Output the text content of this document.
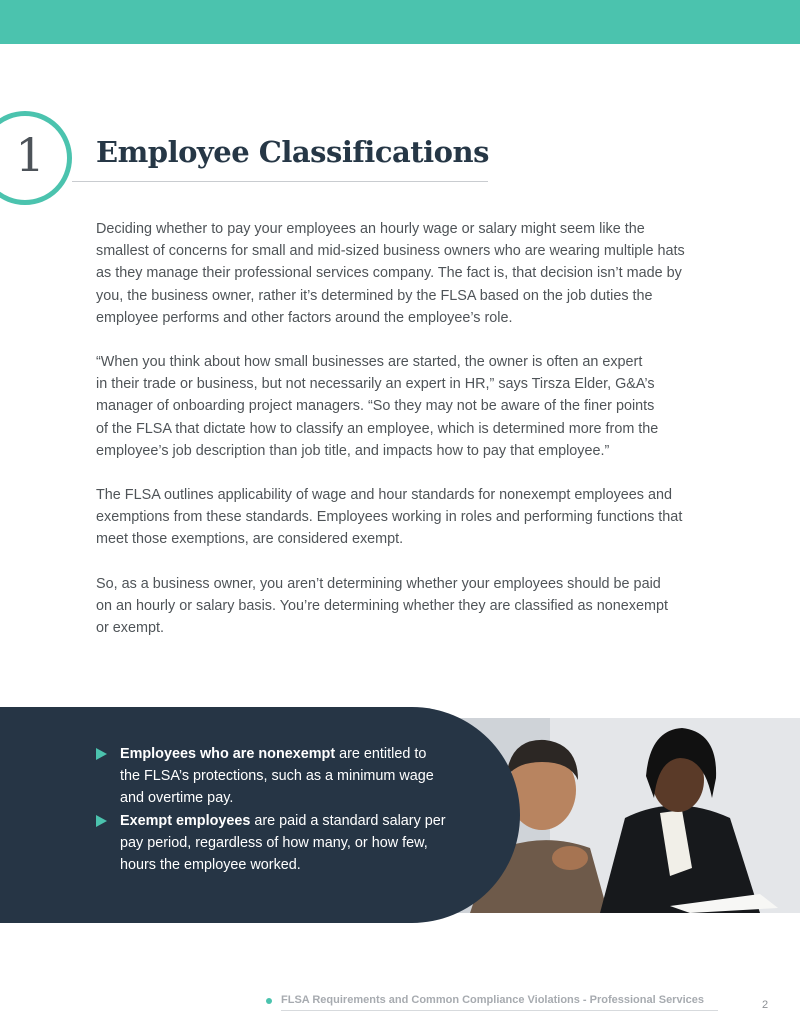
1 Employee Classifications

Deciding whether to pay your employees an hourly wage or salary might seem like the
smallest of concerns for small and mid-sized business owners who are wearing multiple hats
as they manage their professional services company. The fact is, that decision isn’t made by
you, the business owner, rather it’s determined by the FLSA based on the job duties the
employee performs and other factors around the employee’s role.

“When you think about how small businesses are started, the owner is often an expert
in their trade or business, but not necessarily an expert in HR,” says Tirsza Elder, G&A’s
manager of onboarding project managers. “So they may not be aware of the finer points
of the FLSA that dictate how to classify an employee, which is determined more from the
employee’s job description than job title, and impacts how to pay that employee.”

The FLSA outlines applicability of wage and hour standards for nonexempt employees and
exemptions from these standards. Employees working in roles and performing functions that
meet those exemptions, are considered exempt.

So, as a business owner, you aren’t determining whether your employees should be paid
on an hourly or salary basis. You’re determining whether they are classified as nonexempt
or exempt.

Employees who are nonexempt are entitled to
the FLSA’s protections, such as a minimum wage
and overtime pay.
Exempt employees are paid a standard salary per
pay period, regardless of how many, or how few,
hours the employee worked.
FLSA Requirements and Common Compliance Violations - Professional Services	2
